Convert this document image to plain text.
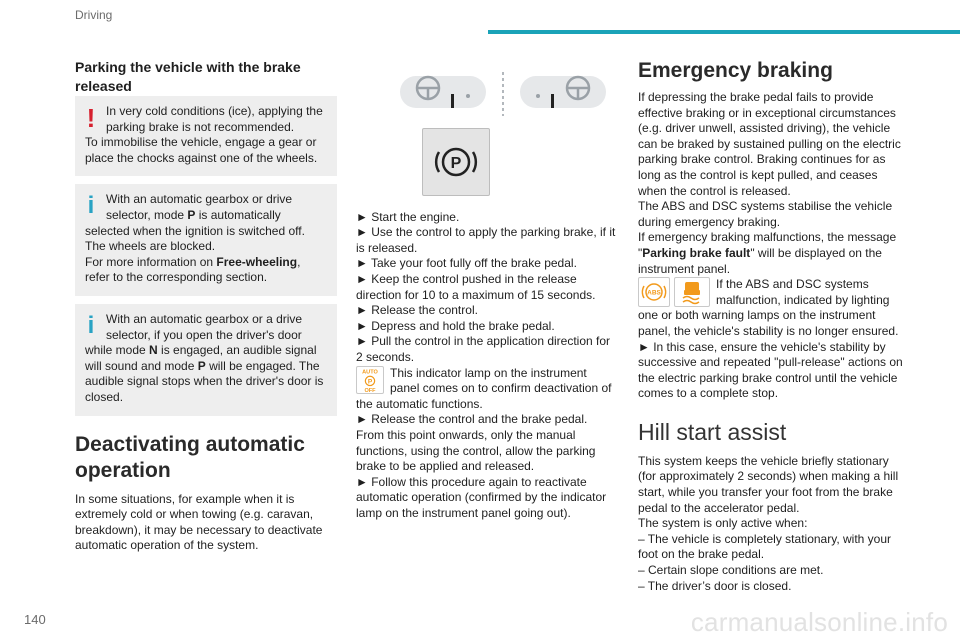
Driving
140	carmanualsonline.info

Parking the vehicle with the brake released

! In very cold conditions (ice), applying the

parking brake is not recommended.

To immobilise the vehicle, engage a gear or place the chocks against one of the wheels.

i With an automatic gearbox or drive

selector, mode P is automatically selected when the ignition is switched off. The wheels are blocked.

For more information on Free-wheeling, refer to the corresponding section.

i With an automatic gearbox or a drive

selector, if you open the driver's door while mode N is engaged, an audible signal will sound and mode P will be engaged. The audible signal stops when the driver's door is closed.

Deactivating automatic operation

In some situations, for example when it is extremely cold or when towing (e.g. caravan, breakdown), it may be necessary to deactivate automatic operation of the system.

P

► Start the engine.

► Use the control to apply the parking brake, if it is released.

► Take your foot fully off the brake pedal.

► Keep the control pushed in the release direction for 10 to a maximum of 15 seconds.

► Release the control.

► Depress and hold the brake pedal.

► Pull the control in the application direction for 2 seconds.

AUTO
P
OFF

This indicator lamp on the instrument panel comes on to confirm deactivation of the automatic functions.

► Release the control and the brake pedal.

From this point onwards, only the manual functions, using the control, allow the parking brake to be applied and released.

► Follow this procedure again to reactivate automatic operation (confirmed by the indicator lamp on the instrument panel going out).

Emergency braking

If depressing the brake pedal fails to provide effective braking or in exceptional circumstances (e.g. driver unwell, assisted driving), the vehicle can be braked by sustained pulling on the electric parking brake control. Braking continues for as long as the control is kept pulled, and ceases when the control is released.

The ABS and DSC systems stabilise the vehicle during emergency braking.

If emergency braking malfunctions, the message "Parking brake fault" will be displayed on the instrument panel.

ABS

If the ABS and DSC systems malfunction, indicated by lighting one or both warning lamps on the instrument panel, the vehicle's stability is no longer ensured.

► In this case, ensure the vehicle's stability by successive and repeated "pull-release" actions on the electric parking brake control until the vehicle comes to a complete stop.

Hill start assist

This system keeps the vehicle briefly stationary (for approximately 2 seconds) when making a hill start, while you transfer your foot from the brake pedal to the accelerator pedal.

The system is only active when:

– The vehicle is completely stationary, with your foot on the brake pedal.

– Certain slope conditions are met.

– The driver’s door is closed.
